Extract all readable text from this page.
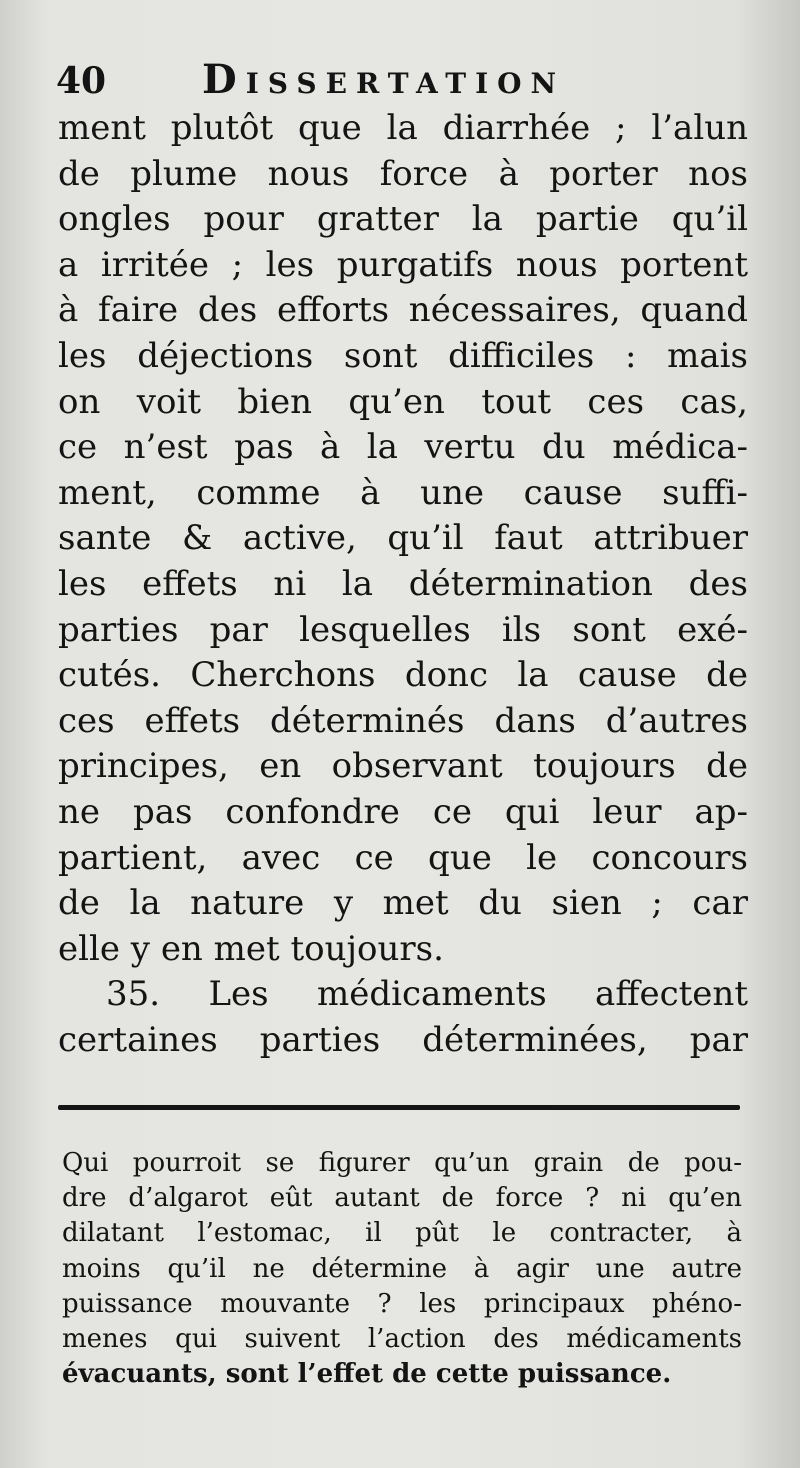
40 Dissertation
ment plutôt que la diarrhée ; l’alun
de plume nous force à porter nos
ongles pour gratter la partie qu’il
a irritée ; les purgatifs nous portent
à faire des efforts nécessaires, quand
les déjections sont difficiles : mais
on voit bien qu’en tout ces cas,
ce n’est pas à la vertu du médica-
ment, comme à une cause suffi-
sante & active, qu’il faut attribuer
les effets ni la détermination des
parties par lesquelles ils sont exé-
cutés. Cherchons donc la cause de
ces effets déterminés dans d’autres
principes, en observant toujours de
ne pas confondre ce qui leur ap-
partient, avec ce que le concours
de la nature y met du sien ; car
elle y en met toujours.
35. Les médicaments affectent
certaines parties déterminées, par
Qui pourroit se figurer qu’un grain de pou-
dre d’algarot eût autant de force ? ni qu’en
dilatant l’estomac, il pût le contracter, à
moins qu’il ne détermine à agir une autre
puissance mouvante ? les principaux phéno-
menes qui suivent l’action des médicaments
évacuants, sont l’effet de cette puissance.
